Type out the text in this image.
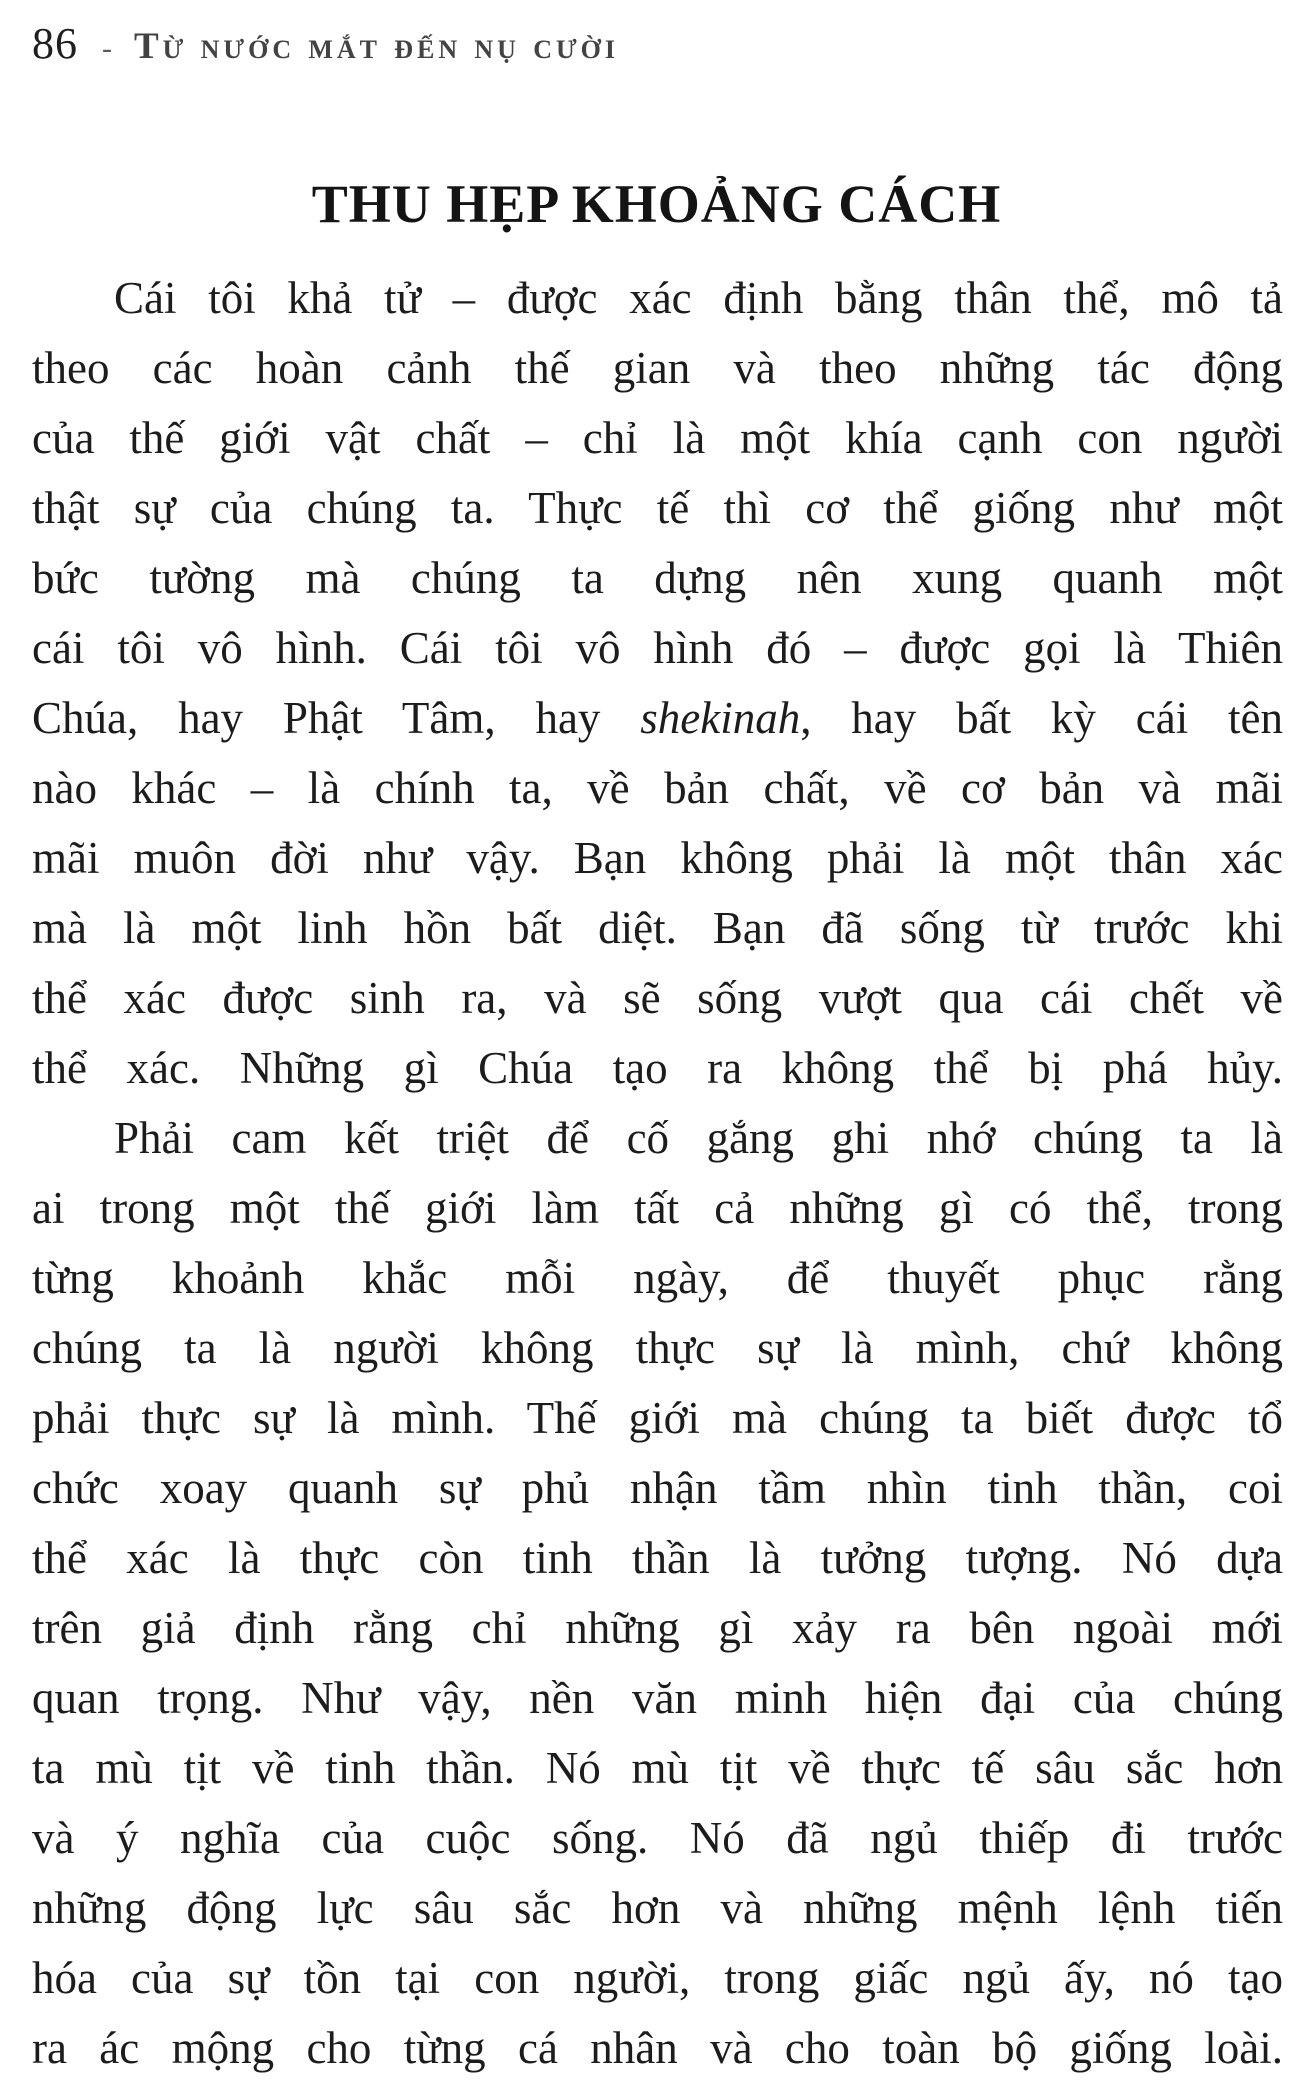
86 - Từ nước mắt đến nụ cười
THU HẸP KHOẢNG CÁCH
Cái tôi khả tử – được xác định bằng thân thể, mô tả
theo các hoàn cảnh thế gian và theo những tác động
của thế giới vật chất – chỉ là một khía cạnh con người
thật sự của chúng ta. Thực tế thì cơ thể giống như một
bức tường mà chúng ta dựng nên xung quanh một
cái tôi vô hình. Cái tôi vô hình đó – được gọi là Thiên
Chúa, hay Phật Tâm, hay shekinah, hay bất kỳ cái tên
nào khác – là chính ta, về bản chất, về cơ bản và mãi
mãi muôn đời như vậy. Bạn không phải là một thân xác
mà là một linh hồn bất diệt. Bạn đã sống từ trước khi
thể xác được sinh ra, và sẽ sống vượt qua cái chết về
thể xác. Những gì Chúa tạo ra không thể bị phá hủy.
Phải cam kết triệt để cố gắng ghi nhớ chúng ta là
ai trong một thế giới làm tất cả những gì có thể, trong
từng khoảnh khắc mỗi ngày, để thuyết phục rằng
chúng ta là người không thực sự là mình, chứ không
phải thực sự là mình. Thế giới mà chúng ta biết được tổ
chức xoay quanh sự phủ nhận tầm nhìn tinh thần, coi
thể xác là thực còn tinh thần là tưởng tượng. Nó dựa
trên giả định rằng chỉ những gì xảy ra bên ngoài mới
quan trọng. Như vậy, nền văn minh hiện đại của chúng
ta mù tịt về tinh thần. Nó mù tịt về thực tế sâu sắc hơn
và ý nghĩa của cuộc sống. Nó đã ngủ thiếp đi trước
những động lực sâu sắc hơn và những mệnh lệnh tiến
hóa của sự tồn tại con người, trong giấc ngủ ấy, nó tạo
ra ác mộng cho từng cá nhân và cho toàn bộ giống loài.
